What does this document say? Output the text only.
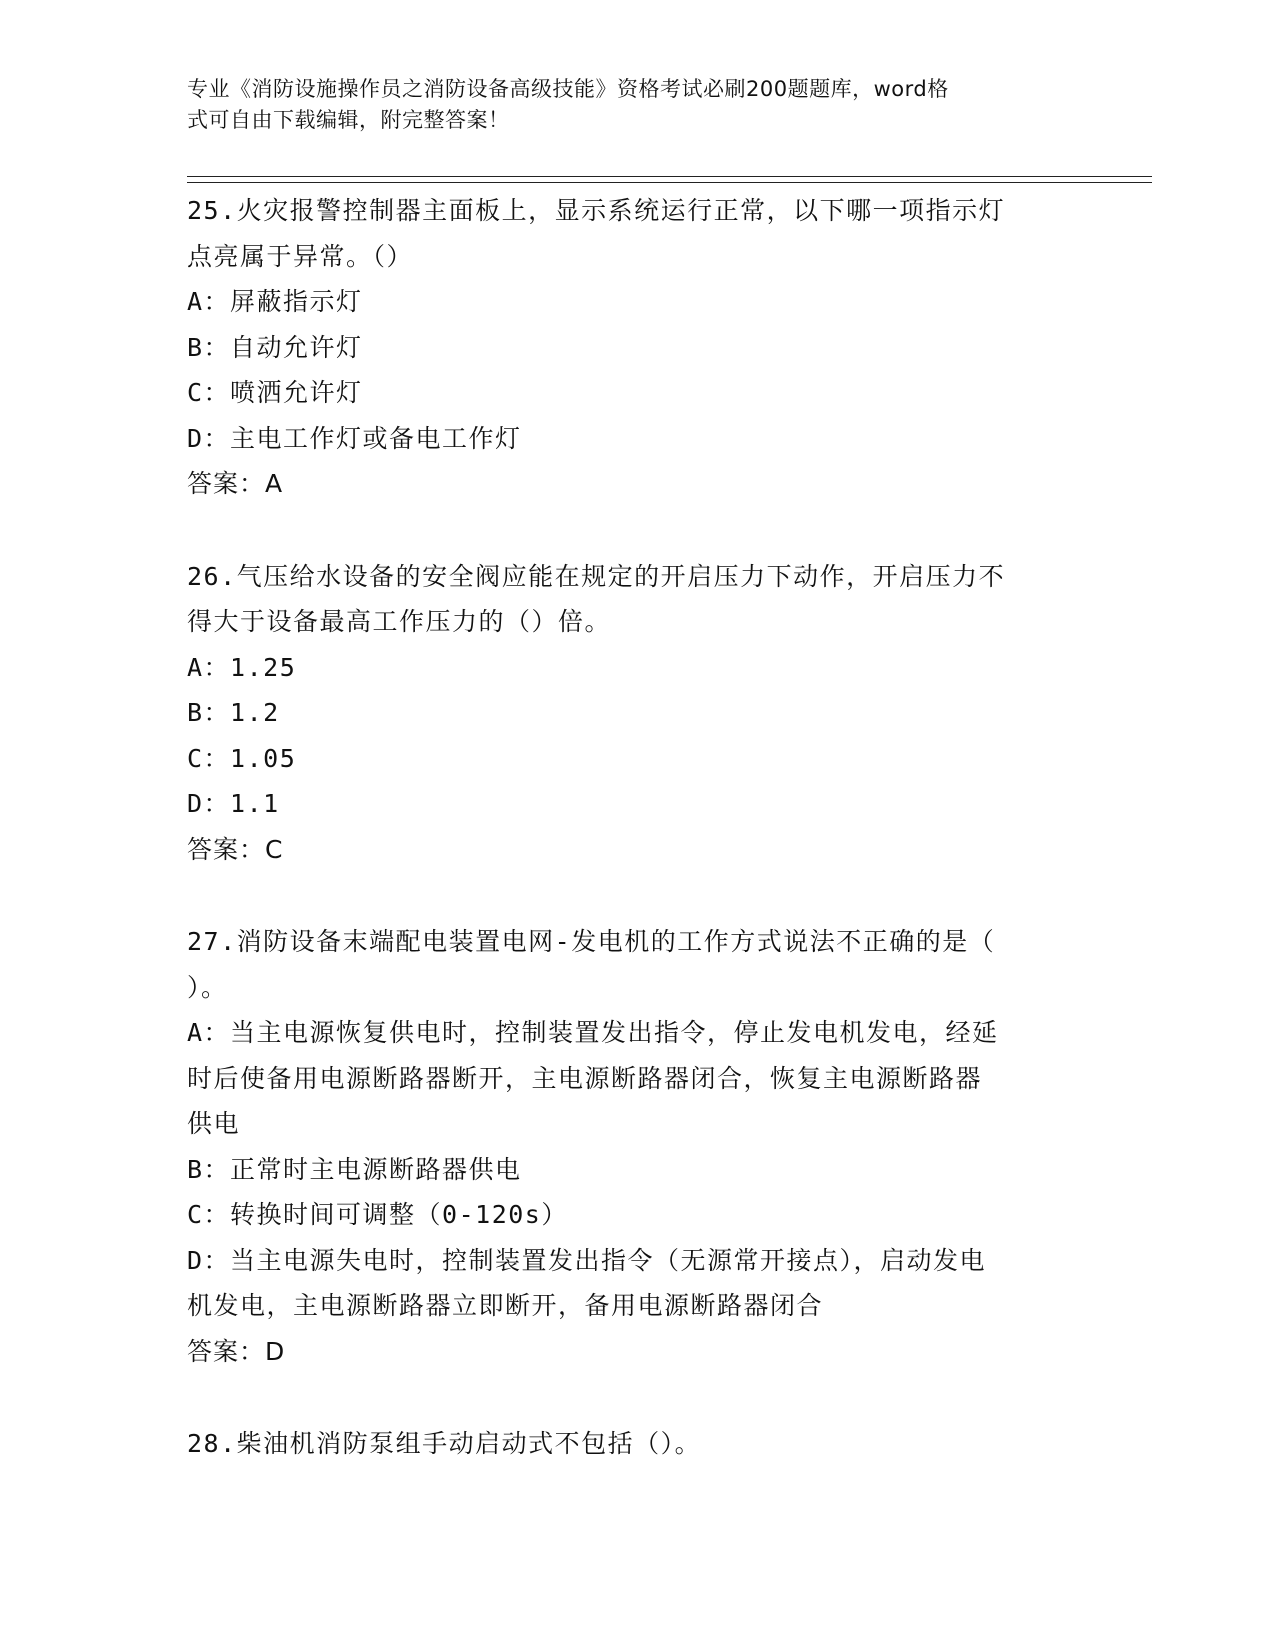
专业《消防设施操作员之消防设备高级技能》资格考试必刷200题题库，word格
式可自由下载编辑，附完整答案！
25.火灾报警控制器主面板上，显示系统运行正常，以下哪一项指示灯
点亮属于异常。（）
A：屏蔽指示灯
B：自动允许灯
C：喷洒允许灯
D：主电工作灯或备电工作灯
答案：A
26.气压给水设备的安全阀应能在规定的开启压力下动作，开启压力不
得大于设备最高工作压力的（）倍。
A：1.25
B：1.2
C：1.05
D：1.1
答案：C
27.消防设备末端配电装置电网-发电机的工作方式说法不正确的是（
）。
A：当主电源恢复供电时，控制装置发出指令，停止发电机发电，经延
时后使备用电源断路器断开，主电源断路器闭合，恢复主电源断路器
供电
B：正常时主电源断路器供电
C：转换时间可调整（0-120s）
D：当主电源失电时，控制装置发出指令（无源常开接点），启动发电
机发电，主电源断路器立即断开，备用电源断路器闭合
答案：D
28.柴油机消防泵组手动启动式不包括（）。
